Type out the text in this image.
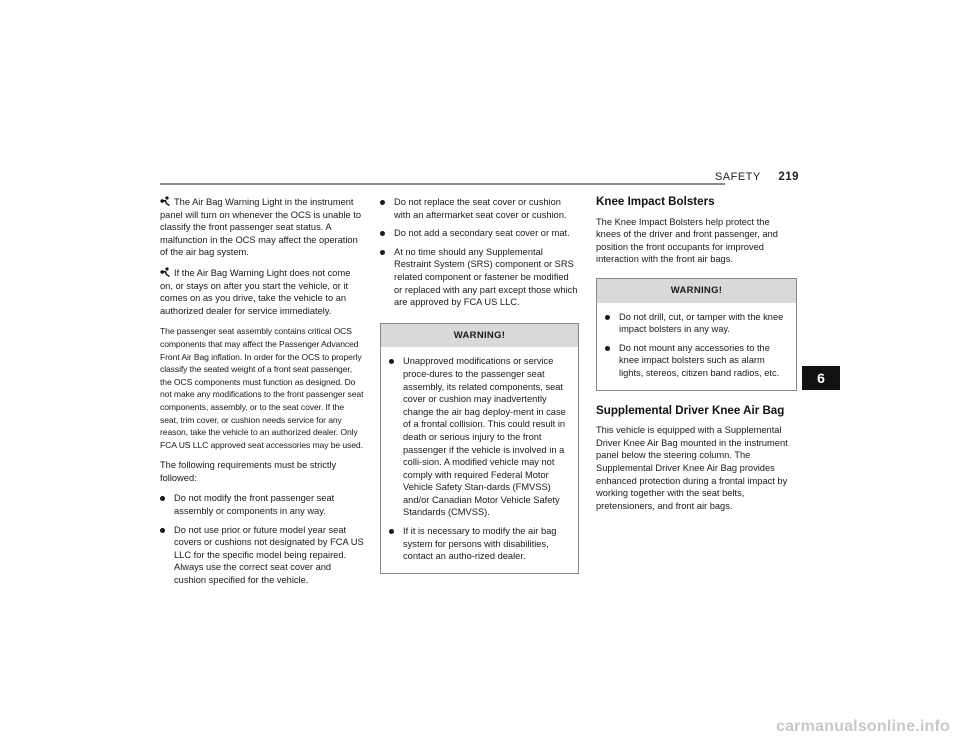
SAFETY 219

The Air Bag Warning Light in the instrument panel will turn on whenever the OCS is unable to classify the front passenger seat status. A malfunction in the OCS may affect the operation of the air bag system.

If the Air Bag Warning Light does not come on, or stays on after you start the vehicle, or it comes on as you drive, take the vehicle to an authorized dealer for service immediately.

The passenger seat assembly contains critical OCS components that may affect the Passenger Advanced Front Air Bag inflation. In order for the OCS to properly classify the seated weight of a front seat passenger, the OCS components must function as designed. Do not make any modifications to the front passenger seat components, assembly, or to the seat cover. If the seat, trim cover, or cushion needs service for any reason, take the vehicle to an authorized dealer. Only FCA US LLC approved seat accessories may be used.

The following requirements must be strictly followed:

Do not modify the front passenger seat assembly or components in any way.
Do not use prior or future model year seat covers or cushions not designated by FCA US LLC for the specific model being repaired. Always use the correct seat cover and cushion specified for the vehicle.
Do not replace the seat cover or cushion with an aftermarket seat cover or cushion.
Do not add a secondary seat cover or mat.
At no time should any Supplemental Restraint System (SRS) component or SRS related component or fastener be modified or replaced with any part except those which are approved by FCA US LLC.
WARNING!
Unapproved modifications or service proce-dures to the passenger seat assembly, its related components, seat cover or cushion may inadvertently change the air bag deploy-ment in case of a frontal collision. This could result in death or serious injury to the front passenger if the vehicle is involved in a colli-sion. A modified vehicle may not comply with required Federal Motor Vehicle Safety Stan-dards (FMVSS) and/or Canadian Motor Vehicle Safety Standards (CMVSS).
If it is necessary to modify the air bag system for persons with disabilities, contact an autho-rized dealer.
Knee Impact Bolsters

The Knee Impact Bolsters help protect the knees of the driver and front passenger, and position the front occupants for improved interaction with the front air bags.

WARNING!
Do not drill, cut, or tamper with the knee impact bolsters in any way.
Do not mount any accessories to the knee impact bolsters such as alarm lights, stereos, citizen band radios, etc.
Supplemental Driver Knee Air Bag

This vehicle is equipped with a Supplemental Driver Knee Air Bag mounted in the instrument panel below the steering column. The Supplemental Driver Knee Air Bag provides enhanced protection during a frontal impact by working together with the seat belts, pretensioners, and front air bags.

6
carmanualsonline.info
